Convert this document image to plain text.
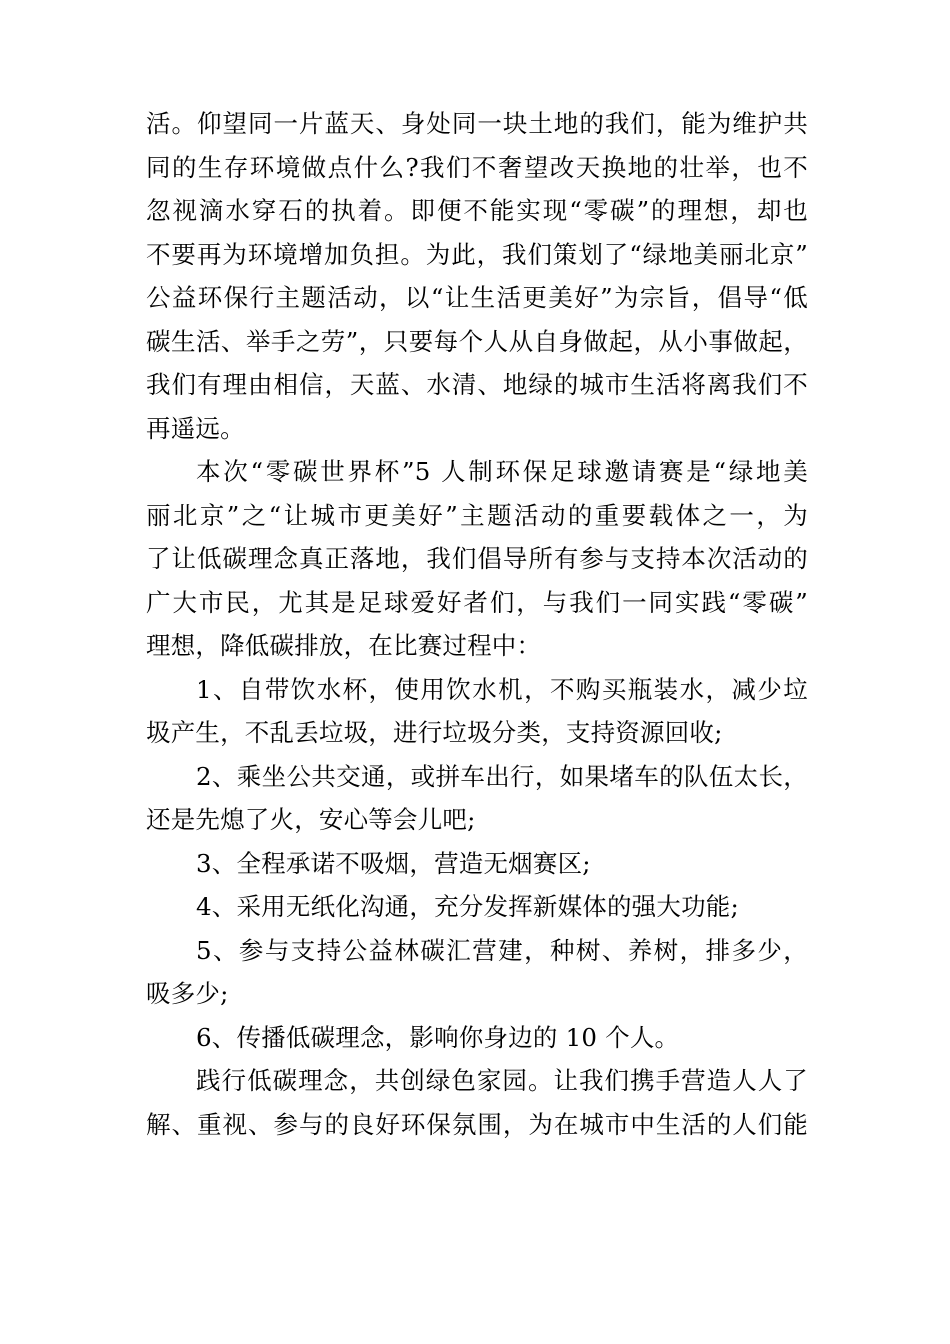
活。仰望同一片蓝天、身处同一块土地的我们，能为维护共
同的生存环境做点什么?我们不奢望改天换地的壮举，也不
忽视滴水穿石的执着。即便不能实现“零碳”的理想，却也
不要再为环境增加负担。为此，我们策划了“绿地美丽北京”
公益环保行主题活动，以“让生活更美好”为宗旨，倡导“低
碳生活、举手之劳”，只要每个人从自身做起，从小事做起，
我们有理由相信，天蓝、水清、地绿的城市生活将离我们不
再遥远。
本次“零碳世界杯”5 人制环保足球邀请赛是“绿地美
丽北京”之“让城市更美好”主题活动的重要载体之一，为
了让低碳理念真正落地，我们倡导所有参与支持本次活动的
广大市民，尤其是足球爱好者们，与我们一同实践“零碳”
理想，降低碳排放，在比赛过程中：
1、自带饮水杯，使用饮水机，不购买瓶装水，减少垃
圾产生，不乱丢垃圾，进行垃圾分类，支持资源回收;
2、乘坐公共交通，或拼车出行，如果堵车的队伍太长，
还是先熄了火，安心等会儿吧;
3、全程承诺不吸烟，营造无烟赛区;
4、采用无纸化沟通，充分发挥新媒体的强大功能;
5、参与支持公益林碳汇营建，种树、养树，排多少，
吸多少;
6、传播低碳理念，影响你身边的 10 个人。
践行低碳理念，共创绿色家园。让我们携手营造人人了
解、重视、参与的良好环保氛围，为在城市中生活的人们能
